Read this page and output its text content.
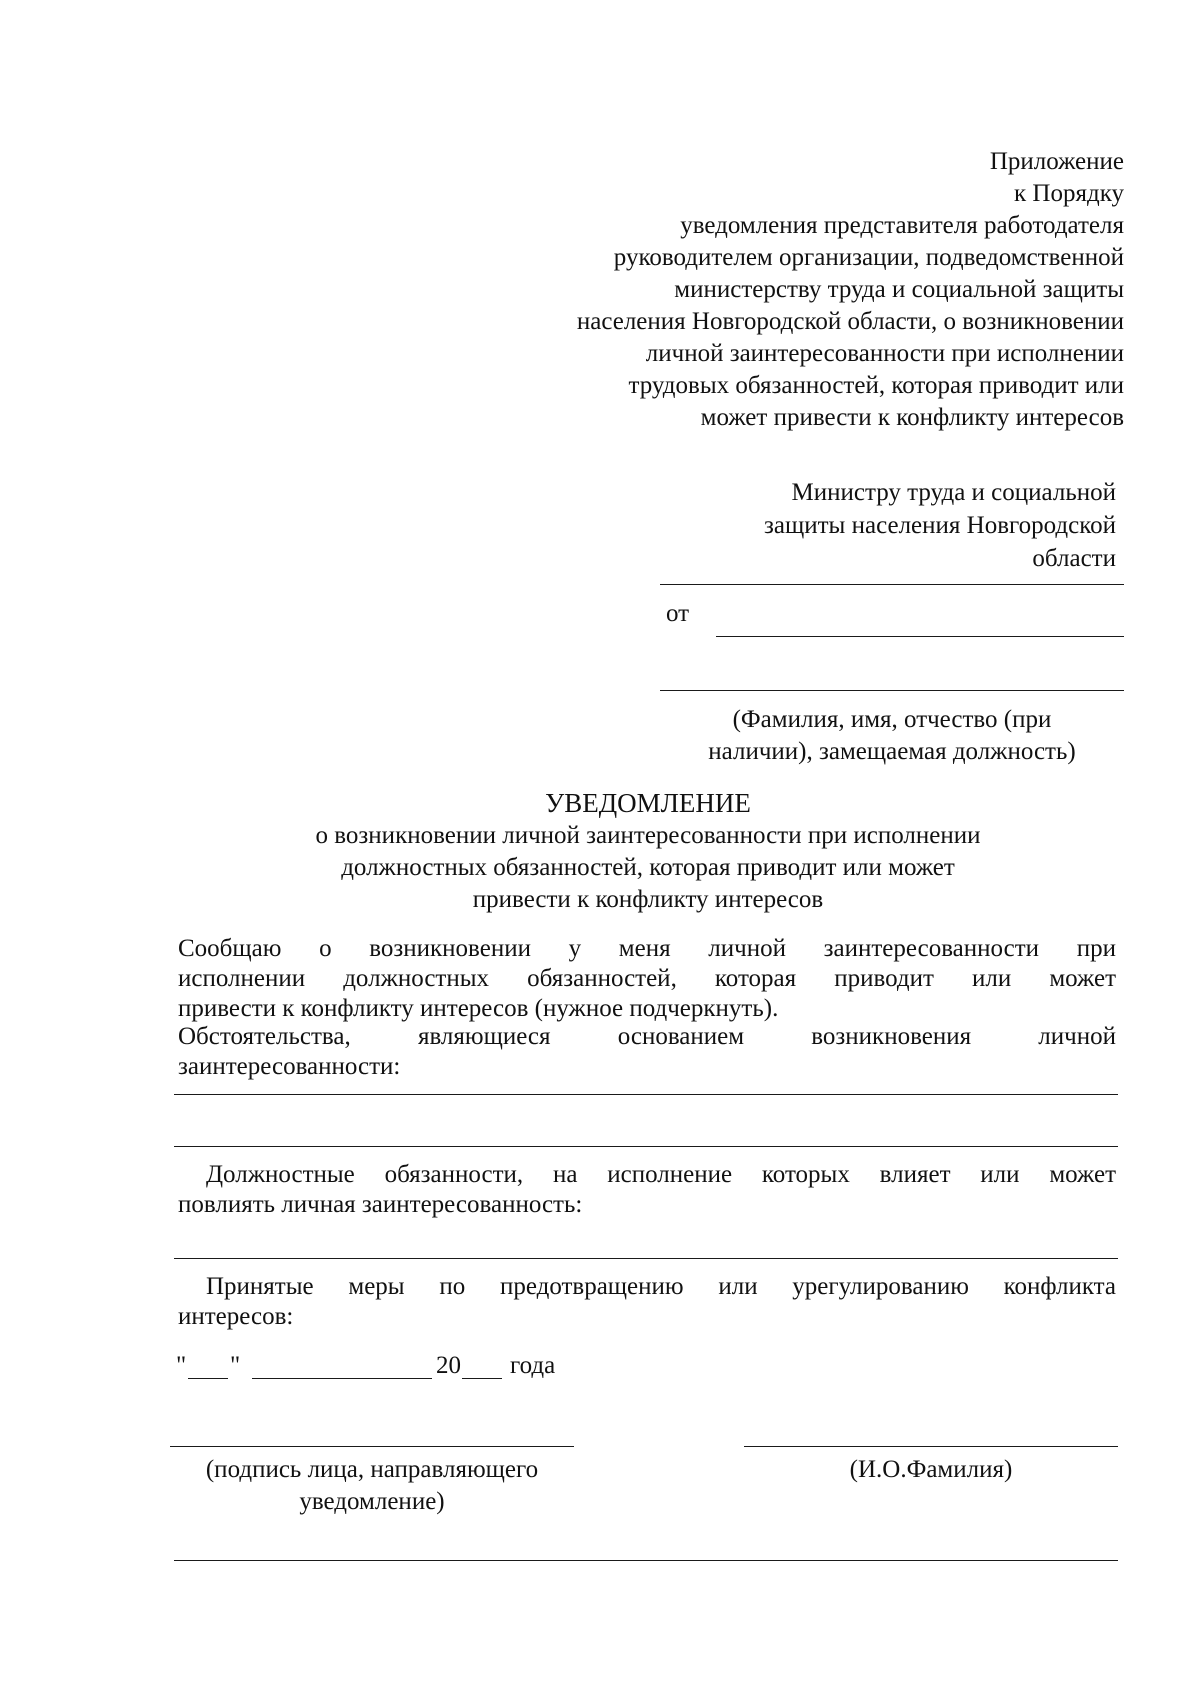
Приложение
к Порядку
уведомления представителя работодателя
руководителем организации, подведомственной
министерству труда и социальной защиты
населения Новгородской области, о возникновении
личной заинтересованности при исполнении
трудовых обязанностей, которая приводит или
может привести к конфликту интересов
Министру труда и социальной
защиты населения Новгородской
области
от
(Фамилия, имя, отчество (при
наличии), замещаемая должность)
УВЕДОМЛЕНИЕ
о возникновении личной заинтересованности при исполнении
должностных обязанностей, которая приводит или может
привести к конфликту интересов
Сообщаю о возникновении у меня личной заинтересованности при
исполнении должностных обязанностей, которая приводит или может
привести к конфликту интересов (нужное подчеркнуть).
Обстоятельства, являющиеся основанием возникновения личной
заинтересованности:
Должностные обязанности, на исполнение которых влияет или может
повлиять личная заинтересованность:
Принятые меры по предотвращению или урегулированию конфликта
интересов:
" "	20 года
(подпись лица, направляющего
уведомление)
(И.О.Фамилия)
